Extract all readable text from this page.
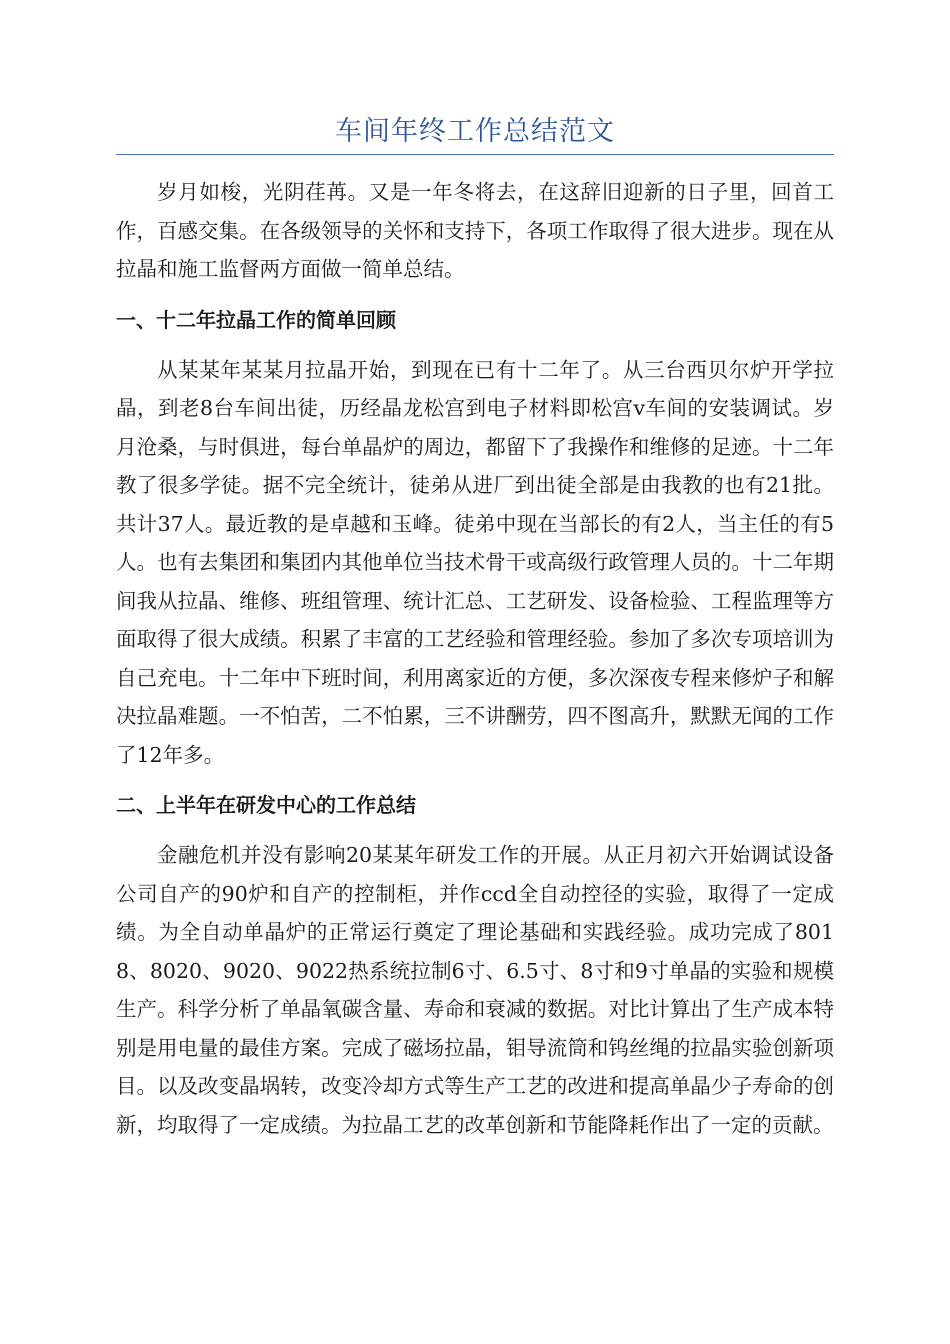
车间年终工作总结范文

岁月如梭，光阴荏苒。又是一年冬将去，在这辞旧迎新的日子里，回首工作，百感交集。在各级领导的关怀和支持下，各项工作取得了很大进步。现在从拉晶和施工监督两方面做一简单总结。

一、十二年拉晶工作的简单回顾

从某某年某某月拉晶开始，到现在已有十二年了。从三台西贝尔炉开学拉晶，到老8台车间出徒，历经晶龙松宫到电子材料即松宫v车间的安装调试。岁月沧桑，与时俱进，每台单晶炉的周边，都留下了我操作和维修的足迹。十二年教了很多学徒。据不完全统计，徒弟从进厂到出徒全部是由我教的也有21批。共计37人。最近教的是卓越和玉峰。徒弟中现在当部长的有2人，当主任的有5人。也有去集团和集团内其他单位当技术骨干或高级行政管理人员的。十二年期间我从拉晶、维修、班组管理、统计汇总、工艺研发、设备检验、工程监理等方面取得了很大成绩。积累了丰富的工艺经验和管理经验。参加了多次专项培训为自己充电。十二年中下班时间，利用离家近的方便，多次深夜专程来修炉子和解决拉晶难题。一不怕苦，二不怕累，三不讲酬劳，四不图高升，默默无闻的工作了12年多。

二、上半年在研发中心的工作总结

金融危机并没有影响20某某年研发工作的开展。从正月初六开始调试设备公司自产的90炉和自产的控制柜，并作ccd全自动控径的实验，取得了一定成绩。为全自动单晶炉的正常运行奠定了理论基础和实践经验。成功完成了8018、8020、9020、9022热系统拉制6寸、6.5寸、8寸和9寸单晶的实验和规模生产。科学分析了单晶氧碳含量、寿命和衰减的数据。对比计算出了生产成本特别是用电量的最佳方案。完成了磁场拉晶，钼导流筒和钨丝绳的拉晶实验创新项目。以及改变晶埚转，改变冷却方式等生产工艺的改进和提高单晶少子寿命的创新，均取得了一定成绩。为拉晶工艺的改革创新和节能降耗作出了一定的贡献。
